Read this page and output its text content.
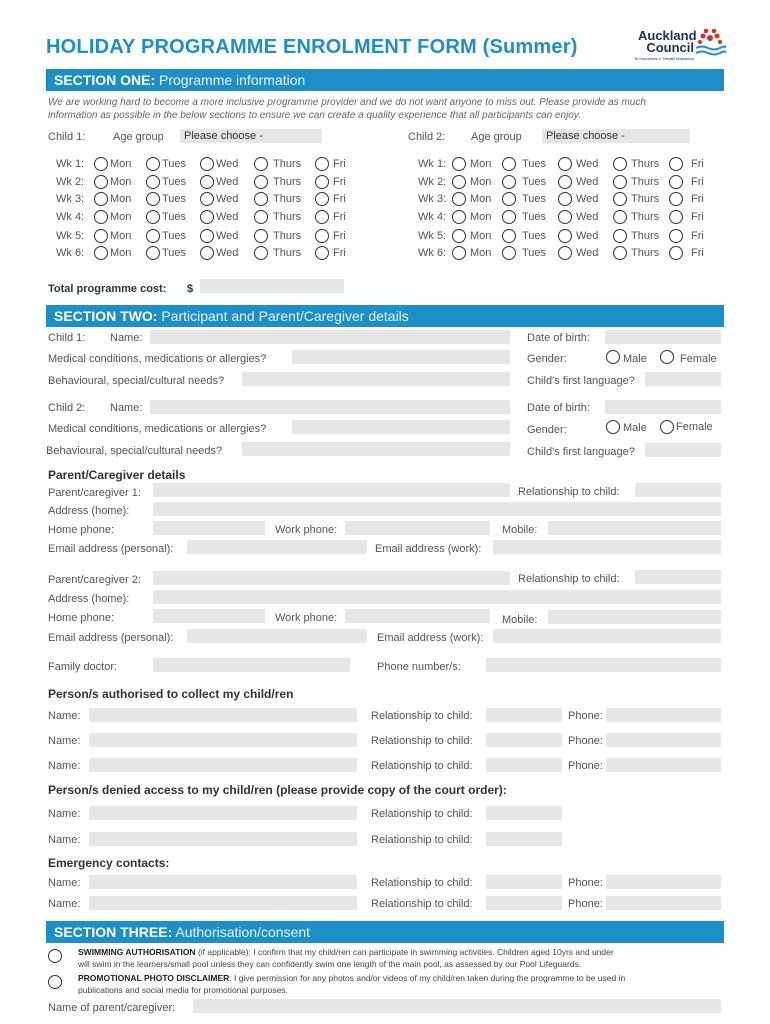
HOLIDAY PROGRAMME ENROLMENT FORM (Summer)
Auckland
Council
Te Kaunihera o Tāmaki Makaurau
SECTION ONE: Programme information
We are working hard to become a more inclusive programme provider and we do not want anyone to miss out. Please provide as much
information as possible in the below sections to ensure we can create a quality experience that all participants can enjoy.
Child 1:	Age group	Please choose -	Child 2: Age group	Please choose -
Wk 1: Mon	Tues	Wed	Thurs	Fri
Wk 2: Mon	Tues	Wed	Thurs	Fri
Wk 3: Mon	Tues	Wed	Thurs	Fri
Wk 4: Mon	Tues	Wed	Thurs	Fri
Wk 5: Mon	Tues	Wed	Thurs	Fri
Wk 6: Mon	Tues	Wed	Thurs	Fri
Wk 1: Mon	Tues	Wed	Thurs	Fri
Wk 2: Mon	Tues	Wed	Thurs	Fri
Wk 3: Mon	Tues	Wed	Thurs	Fri
Wk 4: Mon	Tues	Wed	Thurs	Fri
Wk 5: Mon	Tues	Wed	Thurs	Fri
Wk 6: Mon	Tues	Wed	Thurs	Fri
Total programme cost: $
SECTION TWO: Participant and Parent/Caregiver details
Child 1: Name:	Date of birth:
Medical conditions, medications or allergies?	Gender:	Male	Female
Behavioural, special/cultural needs?	Child's first language?
Child 2: Name:	Date of birth:
Medical conditions, medications or allergies?	Gender:	Male	Female
Behavioural, special/cultural needs?	Child's first language?
Parent/Caregiver details
Parent/caregiver 1:	Relationship to child:
Address (home):
Home phone:	Work phone:	Mobile:
Email address (personal):	Email address (work):
Parent/caregiver 2:	Relationship to child:
Address (home):
Home phone:	Work phone:	Mobile:
Email address (personal):	Email address (work):
Family doctor:	Phone number/s:
Person/s authorised to collect my child/ren
Name:	Relationship to child:	Phone:
Name:	Relationship to child:	Phone:
Name:	Relationship to child:	Phone:
Person/s denied access to my child/ren (please provide copy of the court order):
Name:	Relationship to child:
Name:	Relationship to child:
Emergency contacts:
Name:	Relationship to child:	Phone:
Name:	Relationship to child:	Phone:
SECTION THREE: Authorisation/consent
SWIMMING AUTHORISATION (if applicable): I confirm that my child/ren can participate in swimming activities. Children aged 10yrs and under
will swim in the learners/small pool unless they can confidently swim one length of the main pool, as assessed by our Pool Lifeguards.
PROMOTIONAL PHOTO DISCLAIMER: I give permission for any photos and/or videos of my child/ren taken during the programme to be used in
publications and social media for promotional purposes.
Name of parent/caregiver:
